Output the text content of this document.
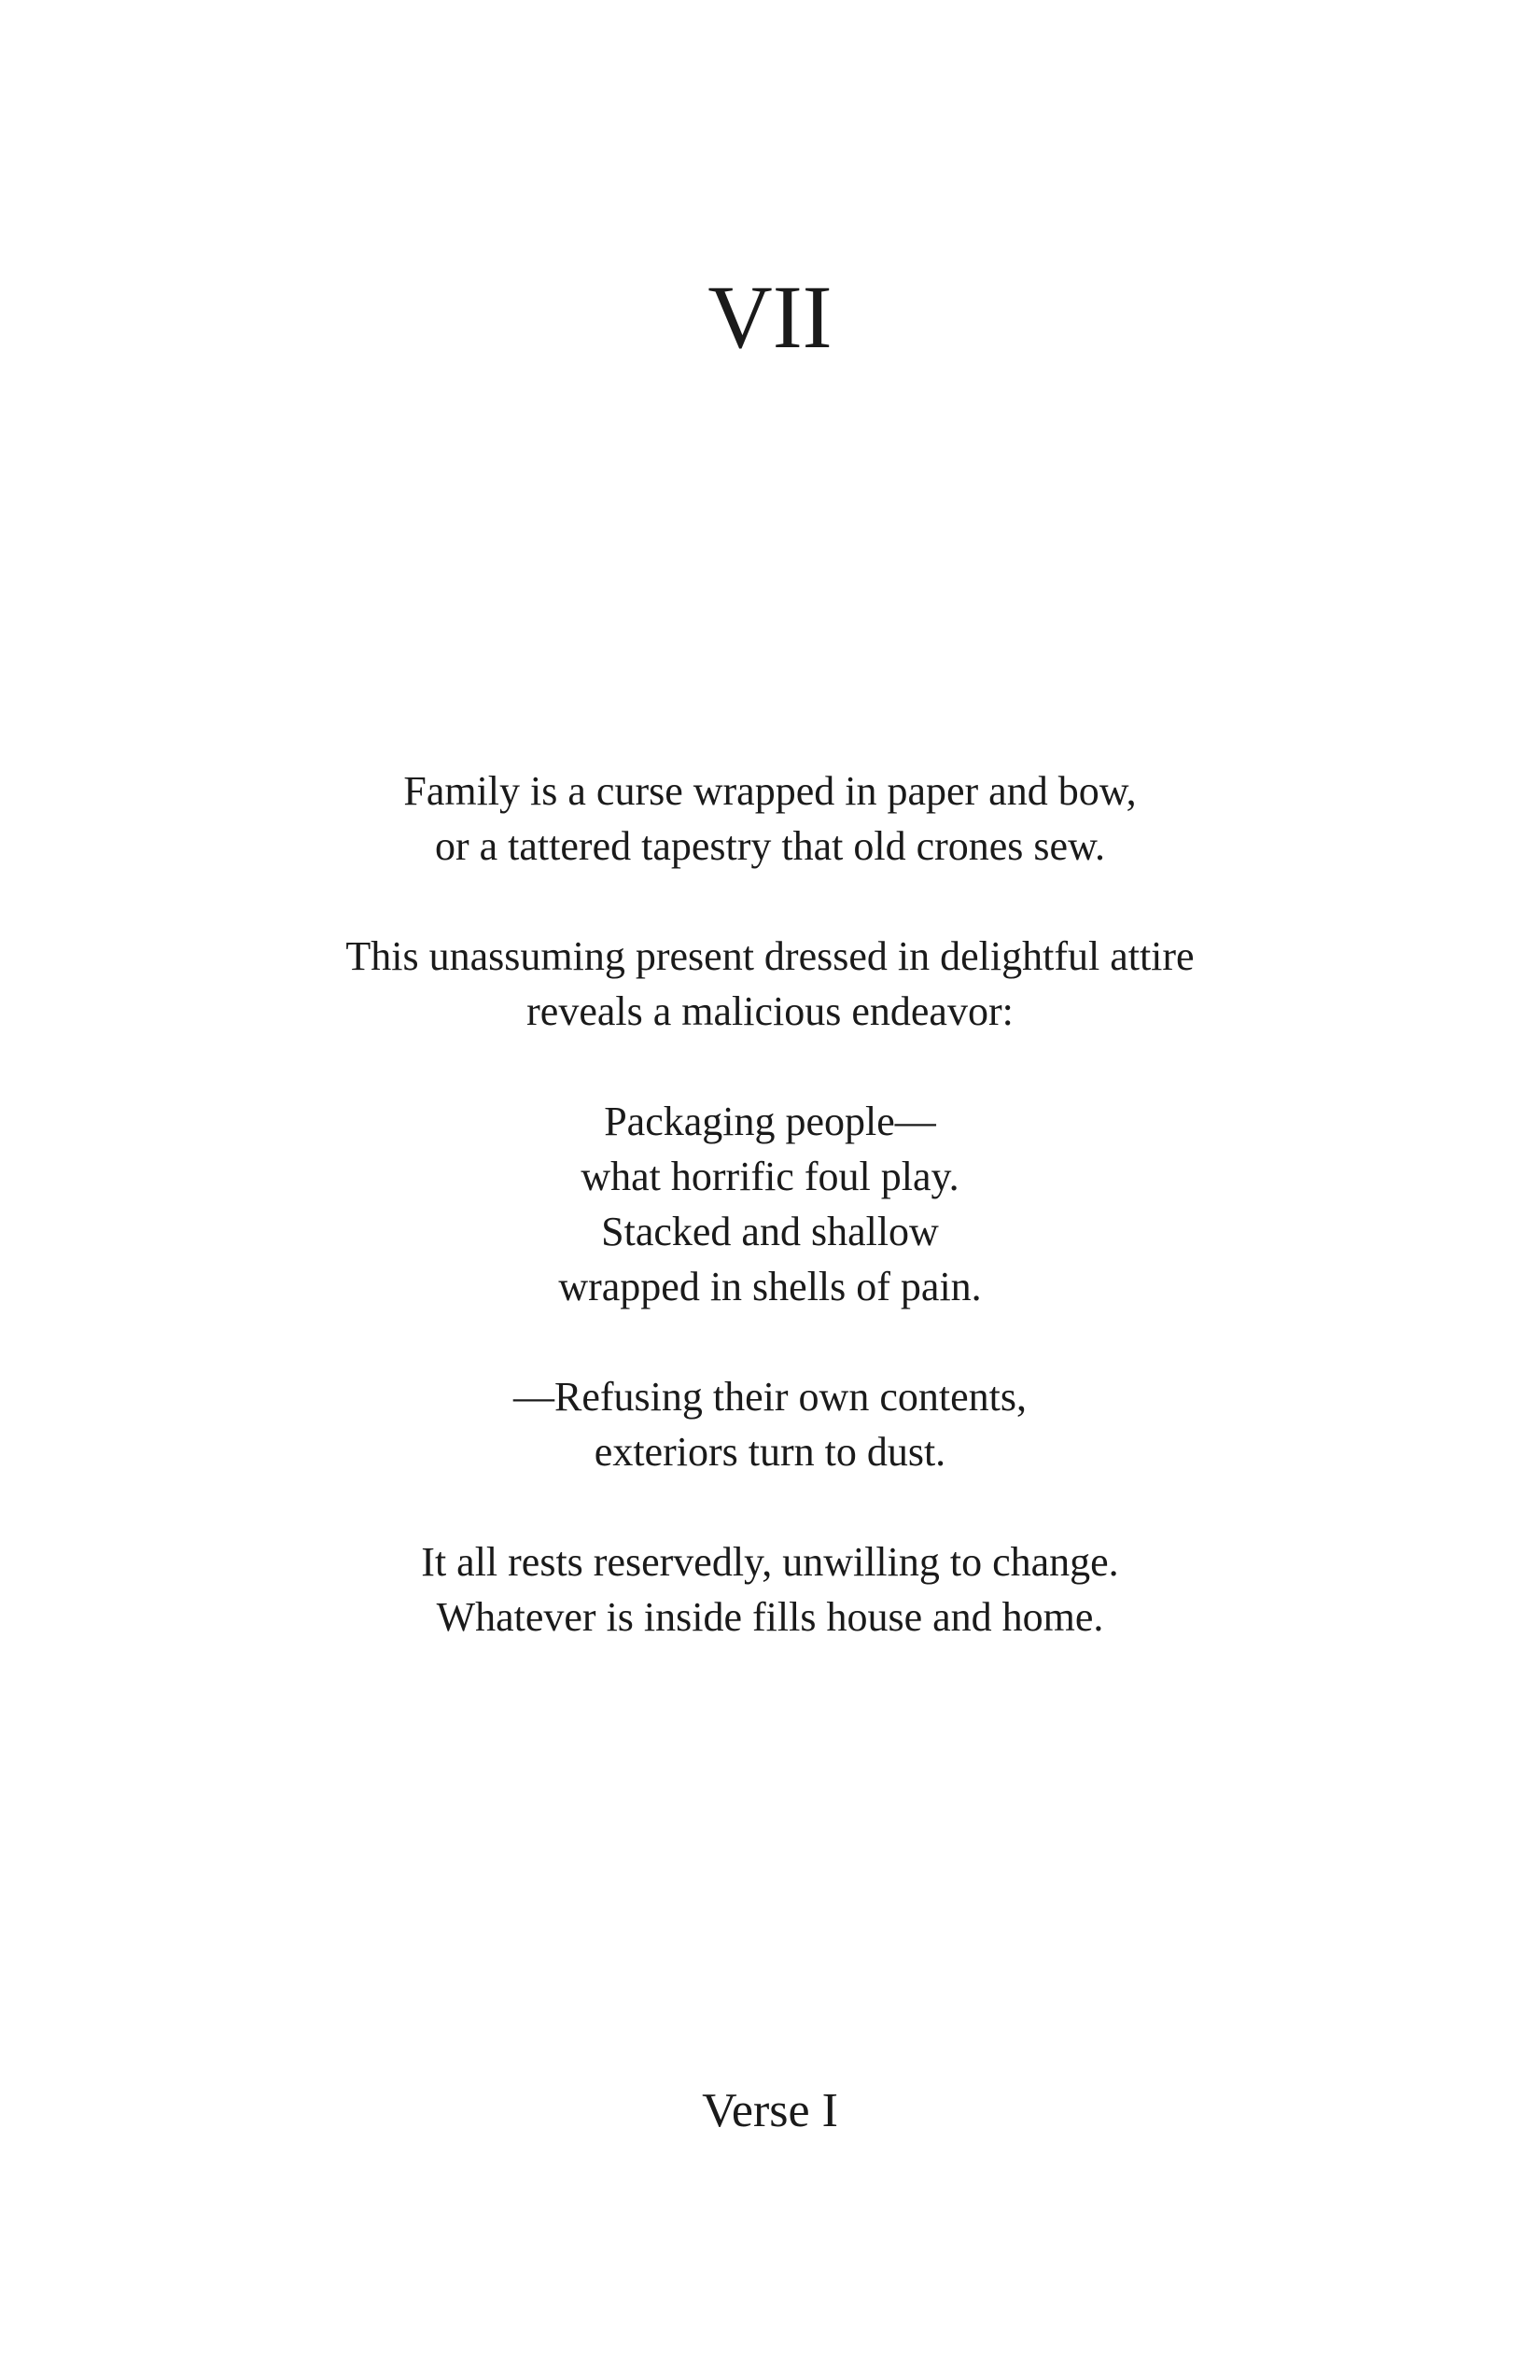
VII

Family is a curse wrapped in paper and bow,
or a tattered tapestry that old crones sew.

This unassuming present dressed in delightful attire
reveals a malicious endeavor:

Packaging people—
what horrific foul play.
Stacked and shallow
wrapped in shells of pain.

—Refusing their own contents,
exteriors turn to dust.

It all rests reservedly, unwilling to change.
Whatever is inside fills house and home.

Verse I
